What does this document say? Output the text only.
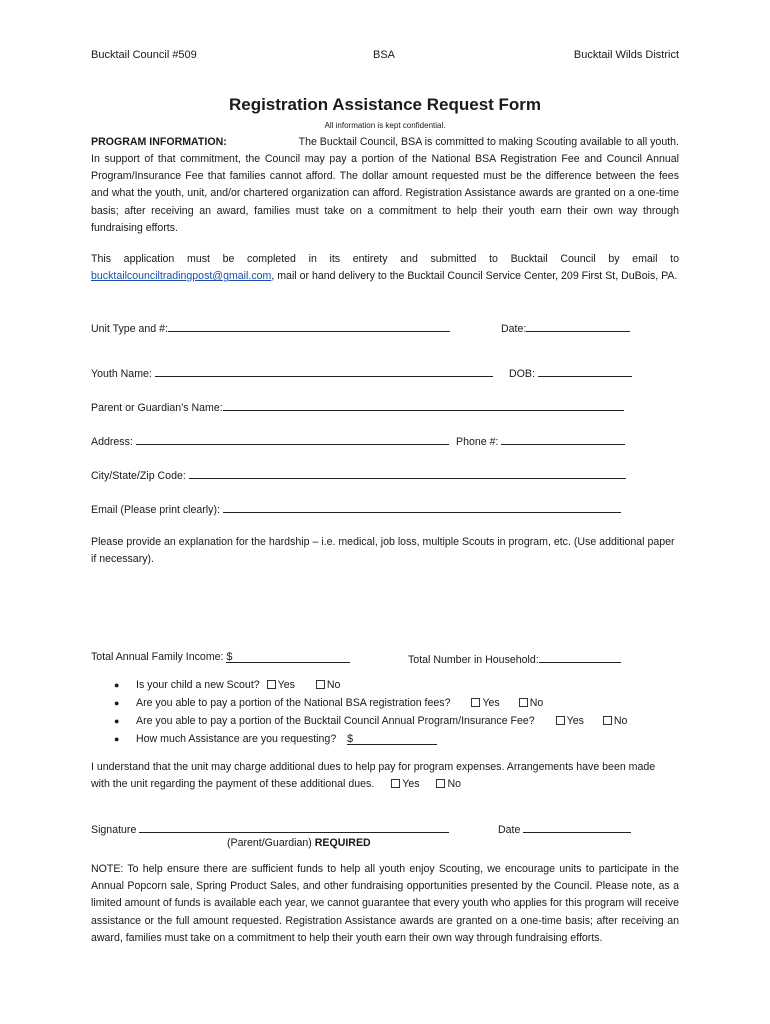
Bucktail Council #509	BSA	Bucktail Wilds District
Registration Assistance Request Form
All information is kept confidential.
PROGRAM INFORMATION:	The Bucktail Council, BSA is committed to making Scouting available to all youth.
In support of that commitment, the Council may pay a portion of the National BSA Registration Fee and Council Annual Program/Insurance Fee that families cannot afford. The dollar amount requested must be the difference between the fees and what the youth, unit, and/or chartered organization can afford. Registration Assistance awards are granted on a one-time basis; after receiving an award, families must take on a commitment to help their youth earn their own way through fundraising efforts.
This application must be completed in its entirety and submitted to Bucktail Council by email to bucktailcounciltradingpost@gmail.com, mail or hand delivery to the Bucktail Council Service Center, 209 First St, DuBois, PA.
Unit Type and #:	Date:
Youth Name:	DOB:
Parent or Guardian’s Name:
Address:	Phone #:
City/State/Zip Code:
Email (Please print clearly):
Please provide an explanation for the hardship – i.e. medical, job loss, multiple Scouts in program, etc. (Use additional paper if necessary).
Total Annual Family Income: $	Total Number in Household:
● Is your child a new Scout? Yes	No
● Are you able to pay a portion of the National BSA registration fees?	Yes	No
● Are you able to pay a portion of the Bucktail Council Annual Program/Insurance Fee?	Yes	No
● How much Assistance are you requesting? $
I understand that the unit may charge additional dues to help pay for program expenses. Arrangements have been made with the unit regarding the payment of these additional dues.	Yes	No
Signature	Date
(Parent/Guardian) REQUIRED
NOTE: To help ensure there are sufficient funds to help all youth enjoy Scouting, we encourage units to participate in the Annual Popcorn sale, Spring Product Sales, and other fundraising opportunities presented by the Council. Please note, as a limited amount of funds is available each year, we cannot guarantee that every youth who applies for this program will receive assistance or the full amount requested. Registration Assistance awards are granted on a one-time basis; after receiving an award, families must take on a commitment to help their youth earn their own way through fundraising efforts.
